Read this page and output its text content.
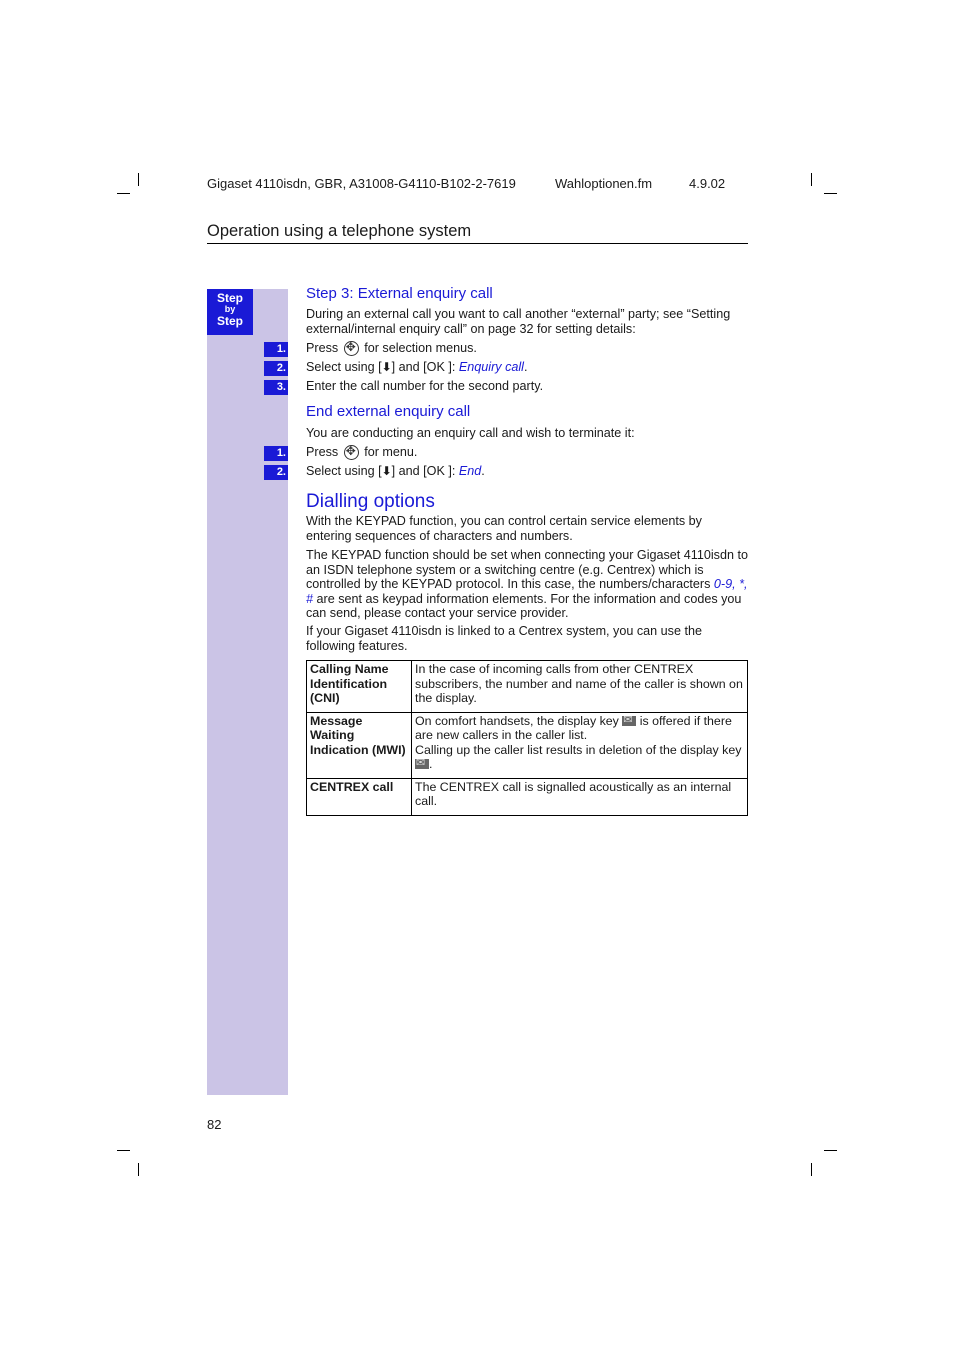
Gigaset 4110isdn, GBR, A31008-G4110-B102-2-7619	Wahloptionen.fm	4.9.02
Operation using a telephone system
Step
by
Step
Step 3: External enquiry call
During an external call you want to call another “external” party; see “Setting external/internal enquiry call” on page 32 for setting details:
1. Press ✥ for selection menus.
2. Select using [⬇] and [OK ]: Enquiry call.
3. Enter the call number for the second party.
End external enquiry call
You are conducting an enquiry call and wish to terminate it:
1. Press ✥ for menu.
2. Select using [⬇] and [OK ]: End.
Dialling options
With the KEYPAD function, you can control certain service elements by entering sequences of characters and numbers.
The KEYPAD function should be set when connecting your Gigaset 4110isdn to an ISDN telephone system or a switching centre (e.g. Centrex) which is controlled by the KEYPAD protocol. In this case, the numbers/characters 0-9, *, # are sent as keypad information elements. For the information and codes you can send, please contact your service provider.
If your Gigaset 4110isdn is linked to a Centrex system, you can use the following features.
Calling Name Identification (CNI)	In the case of incoming calls from other CENTREX subscribers, the number and name of the caller is shown on the display.
Message Waiting Indication (MWI)	On comfort handsets, the display key ✉ is offered if there are new callers in the caller list.
Calling up the caller list results in deletion of the display key
✉.
CENTREX call	The CENTREX call is signalled acoustically as an internal call.
82
